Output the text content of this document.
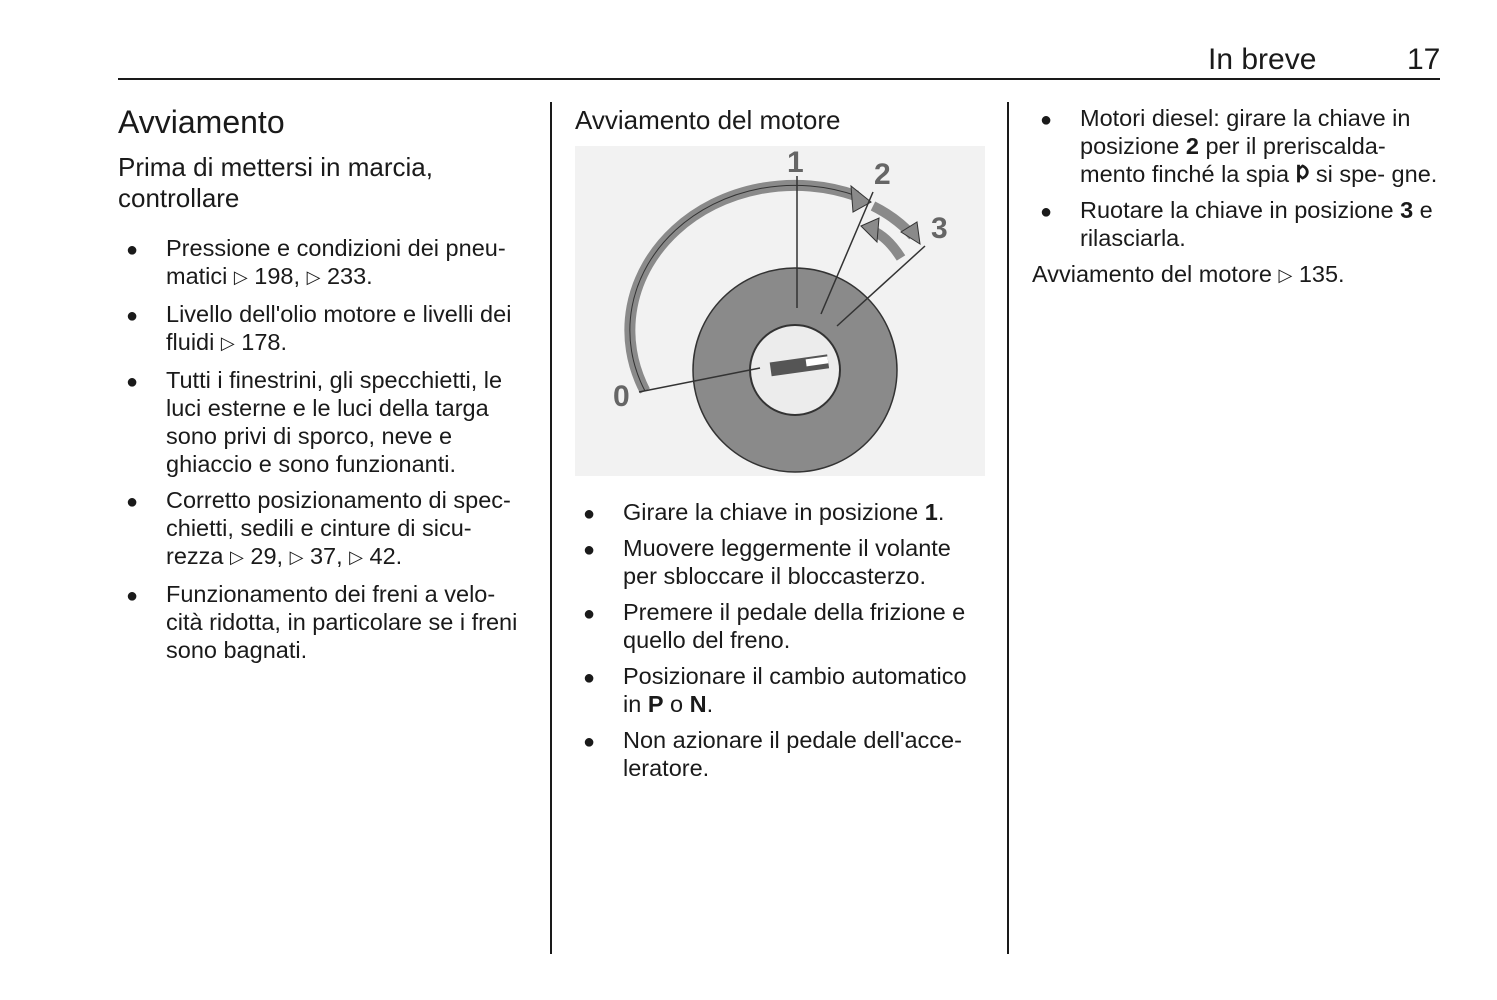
In breve	17
Avviamento
Prima di mettersi in marcia, controllare
● Pressione e condizioni dei pneu- matici ▷ 198, ▷ 233.
● Livello dell'olio motore e livelli dei fluidi ▷ 178.
● Tutti i finestrini, gli specchietti, le luci esterne e le luci della targa sono privi di sporco, neve e ghiaccio e sono funzionanti.
● Corretto posizionamento di spec- chietti, sedili e cinture di sicu- rezza ▷ 29, ▷ 37, ▷ 42.
● Funzionamento dei freni a velo- cità ridotta, in particolare se i freni sono bagnati.
Avviamento del motore
0
1 2
3
● Girare la chiave in posizione 1.
● Muovere leggermente il volante per sbloccare il bloccasterzo.
● Premere il pedale della frizione e quello del freno.
● Posizionare il cambio automatico in P o N.
● Non azionare il pedale dell'acce- leratore.
● Motori diesel: girare la chiave in posizione 2 per il preriscalda- mento finché la spia ᱞ si spe- gne.
● Ruotare la chiave in posizione 3 e rilasciarla.

Avviamento del motore ▷ 135.
